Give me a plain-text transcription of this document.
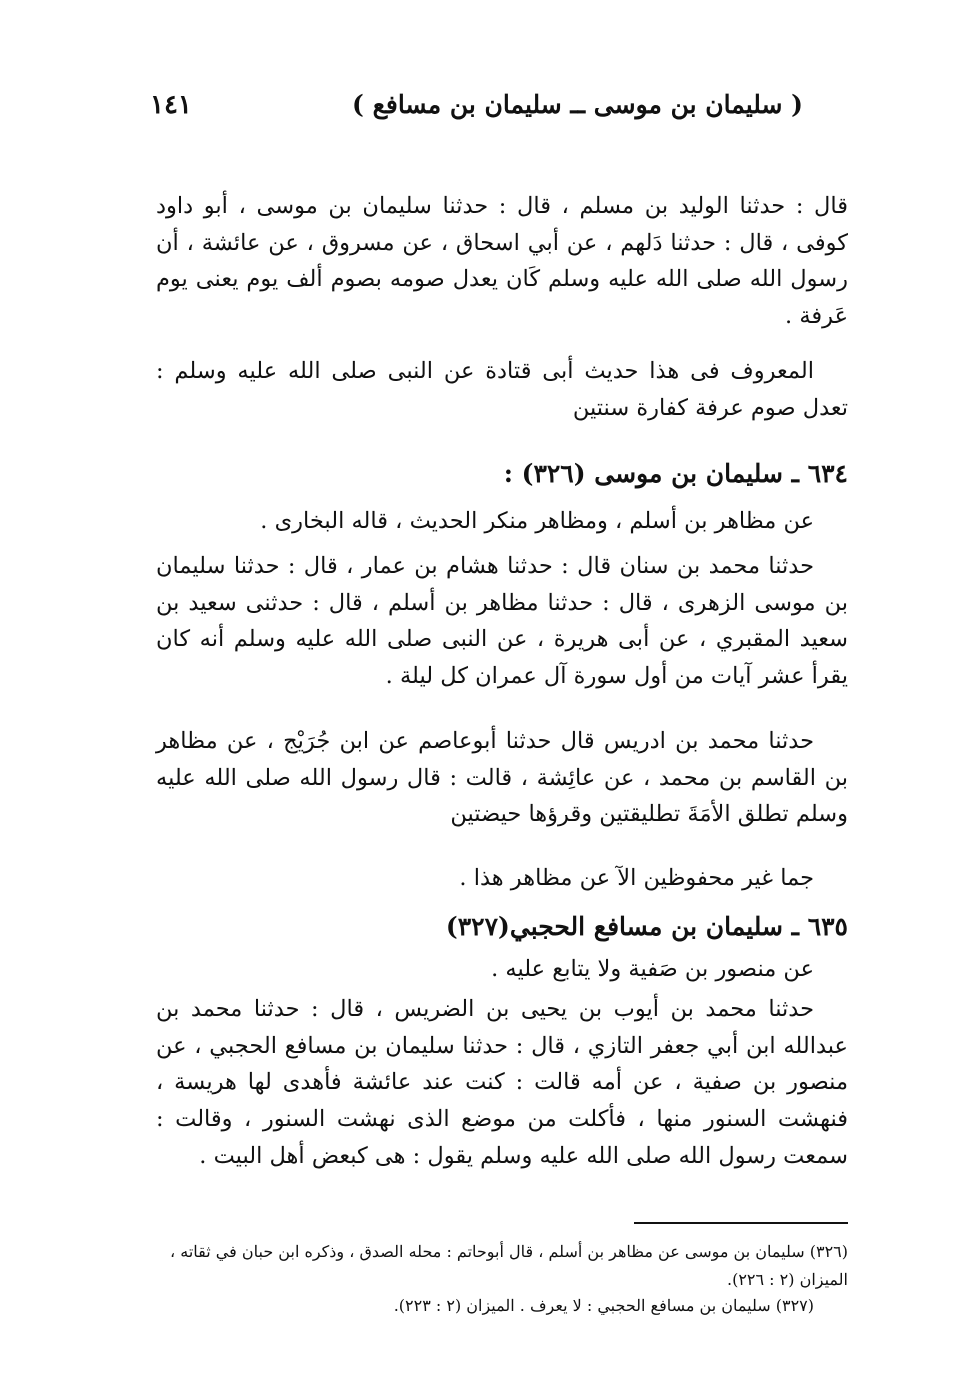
١٤١	( سليمان بن موسى ــ سليمان بن مسافع )

قال : حدثنا الوليد بن مسلم ، قال : حدثنا سليمان بن موسى ، أبو داود كوفى ، قال : حدثنا دَلهم ، عن أبي اسحاق ، عن مسروق ، عن عائشة ، أن رسول الله صلى الله عليه وسلم كَان يعدل صومه بصوم ألف يوم يعنى يوم عَرفة .

المعروف فى هذا حديث أبى قتادة عن النبى صلى الله عليه وسلم : تعدل صوم عرفة كفارة سنتين

٦٣٤ ـ سليمان بن موسى (٣٢٦) :

عن مظاهر بن أسلم ، ومظاهر منكر الحديث ، قاله البخارى .

حدثنا محمد بن سنان قال : حدثنا هشام بن عمار ، قال : حدثنا سليمان بن موسى الزهرى ، قال : حدثنا مظاهر بن أسلم ، قال : حدثنى سعيد بن سعيد المقبري ، عن أبى هريرة ، عن النبى صلى الله عليه وسلم أنه كان يقرأ عشر آيات من أول سورة آل عمران كل ليلة .

حدثنا محمد بن ادريس قال حدثنا أبوعاصم عن ابن جُرَيْج ، عن مظاهر بن القاسم بن محمد ، عن عائِشة ، قالت : قال رسول الله صلى الله عليه وسلم تطلق الأمَةَ تطليقتين وقرؤها حيضتين

جما غير محفوظين الآ عن مظاهر هذا .

٦٣٥ ـ سليمان بن مسافع الحجبي(٣٢٧)

عن منصور بن صَفية ولا يتابع عليه .

حدثنا محمد بن أيوب بن يحيى بن الضريس ، قال : حدثنا محمد بن عبدالله ابن أبي جعفر التازي ، قال : حدثنا سليمان بن مسافع الحجبي ، عن منصور بن صفية ، عن أمه قالت : كنت عند عائشة فأهدى لها هريسة ، فنهشت السنور منها ، فأكلت من موضع الذى نهشت السنور ، وقالت : سمعت رسول الله صلى الله عليه وسلم يقول : هى كبعض أهل البيت .

(٣٢٦) سليمان بن موسى عن مظاهر بن أسلم ، قال أبوحاتم : محله الصدق ، وذكره ابن حبان في ثقاته ، الميزان (٢ : ٢٢٦).

(٣٢٧) سليمان بن مسافع الحجبي : لا يعرف . الميزان (٢ : ٢٢٣).
